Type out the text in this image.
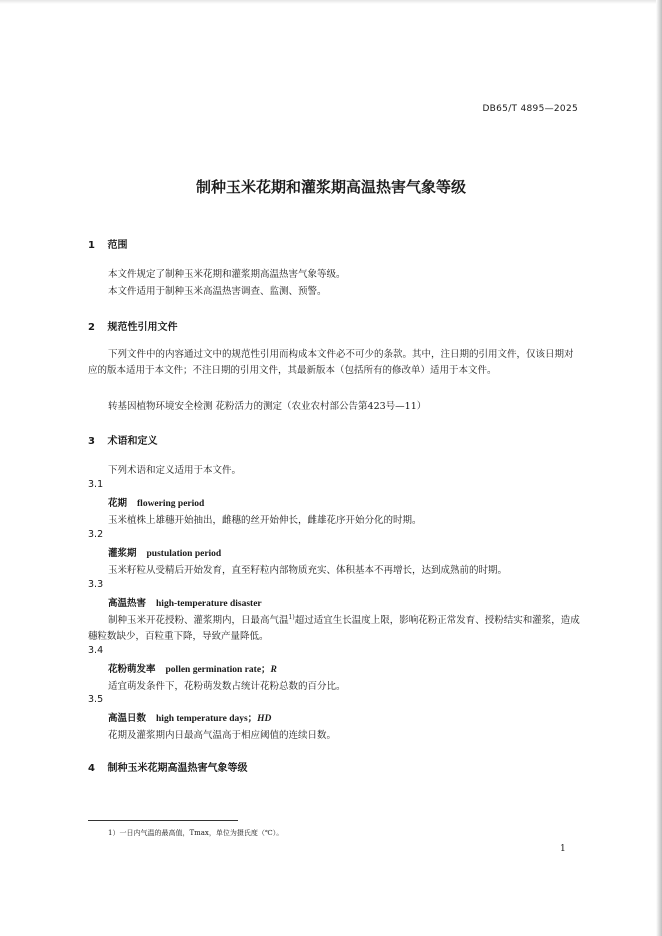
DB65/T 4895—2025
制种玉米花期和灌浆期高温热害气象等级
1 范围
本文件规定了制种玉米花期和灌浆期高温热害气象等级。
本文件适用于制种玉米高温热害调查、监测、预警。
2 规范性引用文件

下列文件中的内容通过文中的规范性引用而构成本文件必不可少的条款。其中，注日期的引用文件，仅该日期对应的版本适用于本文件；不注日期的引用文件，其最新版本（包括所有的修改单）适用于本文件。

转基因植物环境安全检测 花粉活力的测定（农业农村部公告第423号—11）
3 术语和定义
下列术语和定义适用于本文件。
3.1
花期 flowering period
玉米植株上雄穗开始抽出，雌穗的丝开始伸长，雌雄花序开始分化的时期。
3.2
灌浆期 pustulation period
玉米籽粒从受精后开始发育，直至籽粒内部物质充实、体积基本不再增长，达到成熟前的时期。
3.3
高温热害 high-temperature disaster

制种玉米开花授粉、灌浆期内，日最高气温$^{1)}$超过适宜生长温度上限，影响花粉正常发育、授粉结实和灌浆，造成穗粒数缺少，百粒重下降，导致产量降低。

3.4
花粉萌发率 pollen germination rate；R
适宜萌发条件下，花粉萌发数占统计花粉总数的百分比。
3.5
高温日数 high temperature days；HD
花期及灌浆期内日最高气温高于相应阈值的连续日数。
4 制种玉米花期高温热害气象等级
1）一日内气温的最高值，Tmax，单位为摄氏度（℃）。
1
